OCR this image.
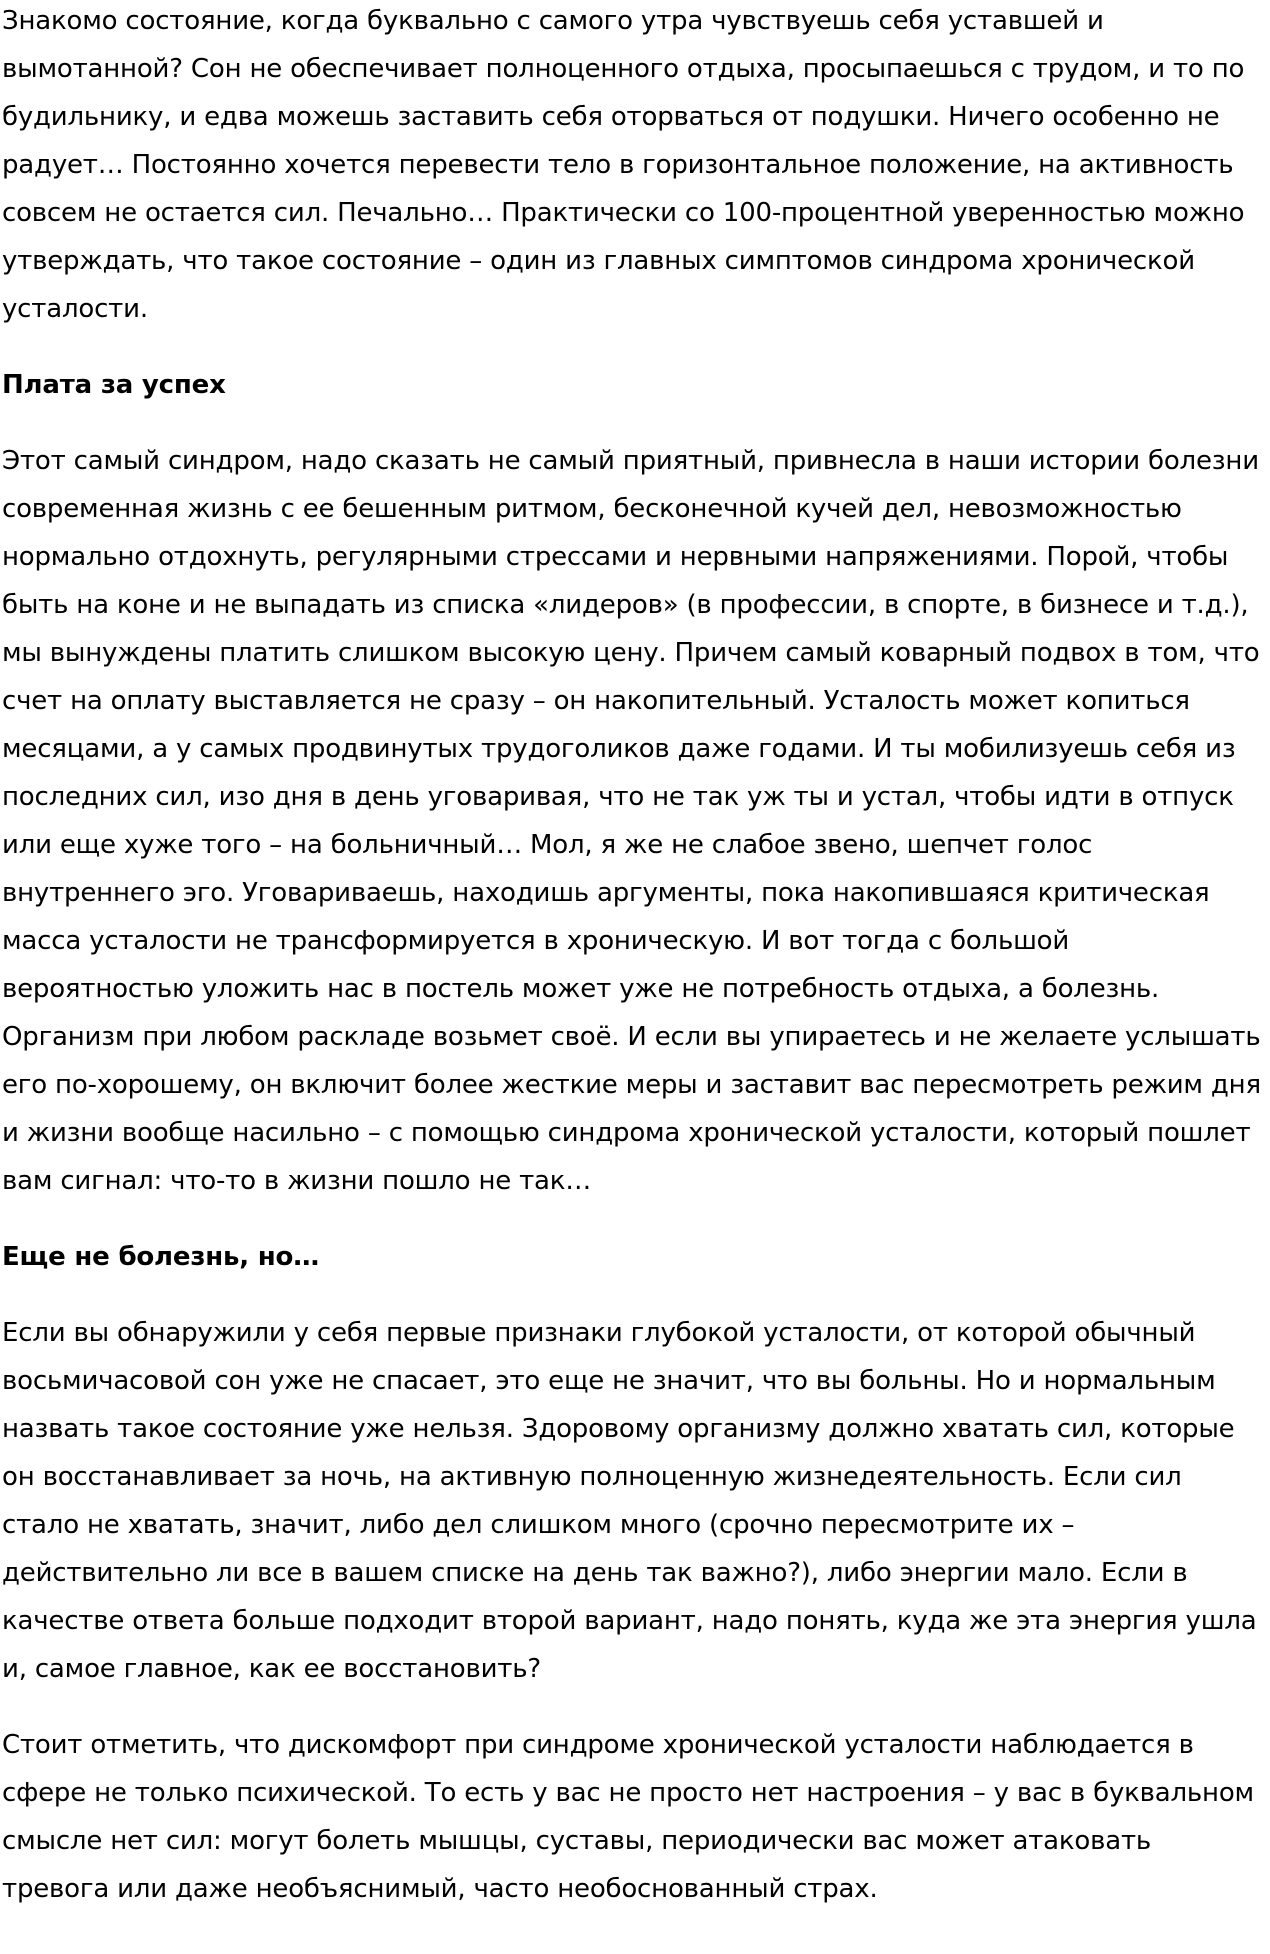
Знакомо состояние, когда буквально с самого утра чувствуешь себя уставшей и вымотанной? Сон не обеспечивает полноценного отдыха, просыпаешься с трудом, и то по будильнику, и едва можешь заставить себя оторваться от подушки. Ничего особенно не радует… Постоянно хочется перевести тело в горизонтальное положение, на активность совсем не остается сил. Печально… Практически со 100-процентной уверенностью можно утверждать, что такое состояние – один из главных симптомов синдрома хронической усталости.

Плата за успех

Этот самый синдром, надо сказать не самый приятный, привнесла в наши истории болезни современная жизнь с ее бешенным ритмом, бесконечной кучей дел, невозможностью нормально отдохнуть, регулярными стрессами и нервными напряжениями. Порой, чтобы быть на коне и не выпадать из списка «лидеров» (в профессии, в спорте, в бизнесе и т.д.), мы вынуждены платить слишком высокую цену. Причем самый коварный подвох в том, что счет на оплату выставляется не сразу – он накопительный. Усталость может копиться месяцами, а у самых продвинутых трудоголиков даже годами. И ты мобилизуешь себя из последних сил, изо дня в день уговаривая, что не так уж ты и устал, чтобы идти в отпуск или еще хуже того – на больничный… Мол, я же не слабое звено, шепчет голос внутреннего эго. Уговариваешь, находишь аргументы, пока накопившаяся критическая масса усталости не трансформируется в хроническую. И вот тогда с большой вероятностью уложить нас в постель может уже не потребность отдыха, а болезнь. Организм при любом раскладе возьмет своё. И если вы упираетесь и не желаете услышать его по-хорошему, он включит более жесткие меры и заставит вас пересмотреть режим дня и жизни вообще насильно – с помощью синдрома хронической усталости, который пошлет вам сигнал: что-то в жизни пошло не так…

Еще не болезнь, но…

Если вы обнаружили у себя первые признаки глубокой усталости, от которой обычный восьмичасовой сон уже не спасает, это еще не значит, что вы больны. Но и нормальным назвать такое состояние уже нельзя. Здоровому организму должно хватать сил, которые он восстанавливает за ночь, на активную полноценную жизнедеятельность. Если сил стало не хватать, значит, либо дел слишком много (срочно пересмотрите их – действительно ли все в вашем списке на день так важно?), либо энергии мало. Если в качестве ответа больше подходит второй вариант, надо понять, куда же эта энергия ушла и, самое главное, как ее восстановить?

Стоит отметить, что дискомфорт при синдроме хронической усталости наблюдается в сфере не только психической. То есть у вас не просто нет настроения – у вас в буквальном смысле нет сил: могут болеть мышцы, суставы, периодически вас может атаковать тревога или даже необъяснимый, часто необоснованный страх.
